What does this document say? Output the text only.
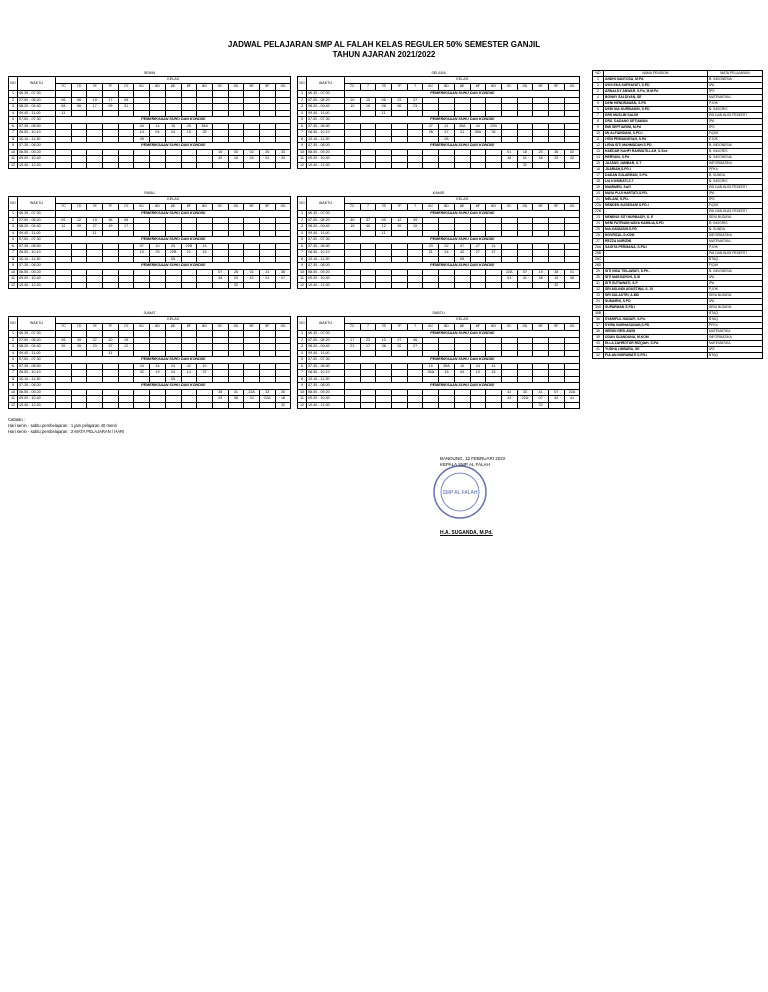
JADWAL PELAJARAN SMP AL FALAH KELAS REGULER 50% SEMESTER GANJIL
TAHUN AJARAN 2021/2022
SENIN
NO	WAKTU	KELAS														
		7C	7D	7E	7F	7G	8C	8D	8E	8F	8G	9C	9D	9E	9F	9G
1	06.30 - 07.00															
2	07.00 - 08.20	06	08	19	17	09										
3	08.20 - 09.40	08	06	17	09	31										
4	09.40 - 11.00	11														
5	07.00 - 07.30	PEMERIKSAAN SUHU DAN KONDISI														
6	07.30 - 08.50						04	14	15	25	35A					
7	08.50 - 10.10						14	04	24	15	25					
8	10.10 - 11.30						05									
9	07.30 - 08.00	PEMERIKSAAN SUHU DAN KONDISI														
10	08.00 - 09.20											16	30	02	26	33
11	09.20 - 10.40											30	16	26	02	25
12	10.40 - 12.00															
SELASA
NO	WAKTU	KELAS														
		7C	7	7E	7F	7	8C	8D	8E	8F	8G	9C	9D	9E	9F	9G
1	06.30 - 07.00	PEMERIKSAAN SUHU DAN KONDISI														
2	07.00 - 08.20	10	10	06	23	37										
3	08.20 - 09.40	10	19	08	06	23										
4	09.40 - 11.00			11												
5	07.00 - 07.30	PEMERIKSAAN SUHU DAN KONDISI														
6	07.30 - 08.50						37	21	35A	34	22B					
7	08.50 - 10.10						26	37	21	35A	34					
8	10.10 - 11.30							05								
9	07.30 - 08.00	PEMERIKSAAN SUHU DAN KONDISI														
10	08.00 - 09.20											01	18	25	36	02
11	09.20 - 10.40											18	01	36	25	42
12	10.40 - 12.00												32			
RABU
NO	WAKTU	KELAS														
		7C	7D	7E	7F	7G	8C	8D	8E	8F	8G	9C	9D	9E	9F	9G
1	06.30 - 07.00	PEMERIKSAAN SUHU DAN KONDISI														
2	07.00 - 08.20	09	12	19	36	06										
3	08.20 - 09.40	12	09	27	19	17										
4	09.40 - 11.00			11												
5	07.00 - 07.30	PEMERIKSAAN SUHU DAN KONDISI														
6	07.30 - 08.50						07	10	25	22B	14					
7	08.50 - 10.10						10	25	22B	21	15					
8	10.10 - 11.30								05							
9	07.30 - 08.00	PEMERIKSAAN SUHU DAN KONDISI														
10	08.00 - 09.20											07	26	01	41	38
11	09.20 - 10.40											26	29	42	01	07
12	10.40 - 12.00												32			
KAMIS
NO	WAKTU	KELAS														
		7C	7	7E	7F	7	8C	8D	8E	8F	8G	9C	9D	9E	9F	9G
1	06.30 - 07.00	PEMERIKSAAN SUHU DAN KONDISI														
2	07.00 - 08.20	40	37	09	12	39										
3	08.20 - 09.40	16	40	12	39	10										
4	09.40 - 11.00			11												
5	07.00 - 07.30	PEMERIKSAAN SUHU DAN KONDISI														
6	07.30 - 08.50						23	02	07	27	21					
7	08.50 - 10.10						21	24	42	27	27					
8	10.10 - 11.30								05							
9	07.30 - 08.00	PEMERIKSAAN SUHU DAN KONDISI														
10	08.00 - 09.20											22A	07	19	38	01
11	09.20 - 10.40											03	41	38	19	36
12	10.40 - 12.00														32	
JUMAT
NO	WAKTU	KELAS														
		7C	7D	7E	7F	7G	8C	8D	8E	8F	8G	9C	9D	9E	9F	9G
1	06.30 - 07.00															
2	07.00 - 08.20	26	39	37	10	19										
3	08.20 - 09.40	39	26	23	37	12										
4	09.40 - 11.00				11											
5	07.00 - 07.30	PEMERIKSAAN SUHU DAN KONDISI														
6	07.30 - 08.50						24	34	24	42	10					
7	08.50 - 10.10						42	19	24	14	37					
8	10.10 - 11.30								05							
9	07.30 - 08.00	PEMERIKSAAN SUHU DAN KONDISI														
10	08.00 - 09.20											38	41	22A	33	26
11	09.20 - 10.40											25	38	33	22A	18
12	10.40 - 12.00															32
SABTU
NO	WAKTU	KELAS														
		7C	7	7E	7F	7	8C	8D	8E	8F	8G	9C	9D	9E	9F	9G
1	06.30 - 07.00	PEMERIKSAAN SUHU DAN KONDISI														
2	07.00 - 08.20	17	23	10	27	36										
3	08.20 - 09.40	23	17	36	02	27										
4	09.40 - 11.00															
5	07.00 - 07.30	PEMERIKSAAN SUHU DAN KONDISI														
6	07.30 - 08.50						15	35A	10	24	41					
7	08.50 - 10.10						35A	15	04	10	24					
8	10.10 - 11.30															
9	07.30 - 08.00	PEMERIKSAAN SUHU DAN KONDISI														
10	08.00 - 09.20											42	33	41	07	22A
11	09.20 - 10.40											33	22A	07	42	41
12	10.40 - 12.00													32		
NO	NAMA PENDIDIK	MATA PELAJARAN
1	ANDHI SANTOSA, M.Pd.	B. INDONESIA
2	AYIS EKA SURYAYATI, S.PD	IPA
3	ARNALDY ANWAR, S.Pd, M.M.Pd	IPS
4	BONNY SALDIYAN, SE	MATEMATIKA
5	DENI HENDRAWAN, S.PD	PJOK
6	DEDI NIA KURNIADIN, S.PD	B. INGGRIS
7	DRS MUSLIM SALIM	PAI DAN BUDI PEKERTI
8	DRS. DADANG SETIAWAN	IPA
9	EMI SEPTIARINI, M.Pd	IPS
10	IIN ALFIANDANI, S.PD.I	FIQIH
11	IYEN PRIDIANSYAH, S.Pd	PJOK
12	LENA SITI MAHMUDAH,S.PD	B. INDONESIA
13	HAEDAR KAHFI RAHMATILLAH, S.Sos	B. INGGRIS
14	HERYANI, S.Pd	B. INDONESIA
15	JAJANG JAMBAR, S.T	INFORMATIKA
16	JUARIAH,S.PD.I	PPKn
17	DADAN SULAEMAN, S.Pd.	B. SUNDA
18	LIA KUSMIATI,S.T	B. INGGRIS
19	MAMIMEN, SAG	PAI DAN BUDI PEKERTI
20	MAYA PUJI HARTATI,S.PD.	IPA
21	MELANI, S.PD.	IPS
22A	NENDEN SUGESARI S.PD.I	FIQIH
22B		PAI DAN BUDI PEKERTI
23	NENENG SITI NURBASIY, S. E	SENI BUDAYA
24	NENI FATRIANI WAYA KAMILIA,S.PD	B. INGGRIS
25	NIA KANIASIH,S.PD	B. SUNDA
26	NOVRIZAL,S.KOM	INFORMATIKA
27	REZZA NURIZMI	MATEMATIKA
28A	SAGITA PERMANA, S.PD.I	PJOK
28B		PAI DAN BUDI PEKERTI
28C		BTAQ
28D		FIQIH
29	SITI NISA TSILAWATI, S.PK.	B. INDONESIA
30	SITI MAESAROH, S.SI	IPA
31	SITI SUTIAWATI, S.P	IPA
32	SRI ASLINDI AGUSTINA, S. SI	PJOK
33	SRI SULASTRI, A.MD	SENI BUDAYA
34	SUMARNI, S.PD	IPA
35A	SUPARMAN S.PD.I	SENI BUDAYA
35B		BTAQ
36	SYARIFUL HANAFI, S.Pd.	BTAQ
37	SYIRA NURHASANAH,S.PD	PPKn
38	WENGI RESI AWIN	MATEMATIKA
39	UDAN SUANDANA, M.KOM	INFORMATIKA
40	ELLA ZAHROTUR RIZQIAH, S.Pd.	MATEMATIKA
41	YUDHA LINBARA, SE	IPS
42	FULAN INDRAWATI S.PD.I	BTAQ
Catatan :
Hari senin - sabtu pembelajaran : 1 jam pelajaran 40 menit
Hari senin - sabtu pembelajaran : 2 MATA PELAJARAN / HARI
SMP AL FALAH
BANDUNG, 12 FEBRUARI 2022
KEPALA SMP AL FALAH
H.A. SUGANDA, M.Pd.
